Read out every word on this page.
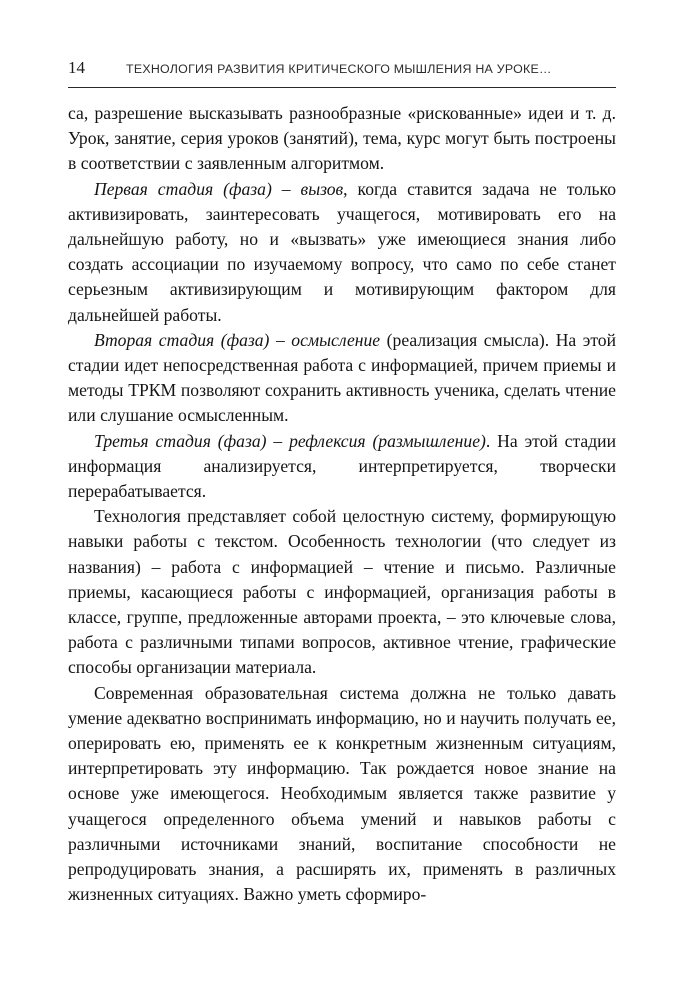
14	ТЕХНОЛОГИЯ РАЗВИТИЯ КРИТИЧЕСКОГО МЫШЛЕНИЯ НА УРОКЕ…

са, разрешение высказывать разнообразные «рискованные» идеи и т. д. Урок, занятие, серия уроков (занятий), тема, курс могут быть построены в соответствии с заявленным алгоритмом.

Первая стадия (фаза) – вызов, когда ставится задача не только активизировать, заинтересовать учащегося, мотивировать его на дальнейшую работу, но и «вызвать» уже имеющиеся знания либо создать ассоциации по изучаемому вопросу, что само по себе станет серьезным активизирующим и мотивирующим фактором для дальнейшей работы.

Вторая стадия (фаза) – осмысление (реализация смысла). На этой стадии идет непосредственная работа с информацией, причем приемы и методы ТРКМ позволяют сохранить активность ученика, сделать чтение или слушание осмысленным.

Третья стадия (фаза) – рефлексия (размышление). На этой стадии информация анализируется, интерпретируется, творчески перерабатывается.

Технология представляет собой целостную систему, формирующую навыки работы с текстом. Особенность технологии (что следует из названия) – работа с информацией – чтение и письмо. Различные приемы, касающиеся работы с информацией, организация работы в классе, группе, предложенные авторами проекта, – это ключевые слова, работа с различными типами вопросов, активное чтение, графические способы организации материала.

Современная образовательная система должна не только давать умение адекватно воспринимать информацию, но и научить получать ее, оперировать ею, применять ее к конкретным жизненным ситуациям, интерпретировать эту информацию. Так рождается новое знание на основе уже имеющегося. Необходимым является также развитие у учащегося определенного объема умений и навыков работы с различными источниками знаний, воспитание способности не репродуцировать знания, а расширять их, применять в различных жизненных ситуациях. Важно уметь сформиро-
